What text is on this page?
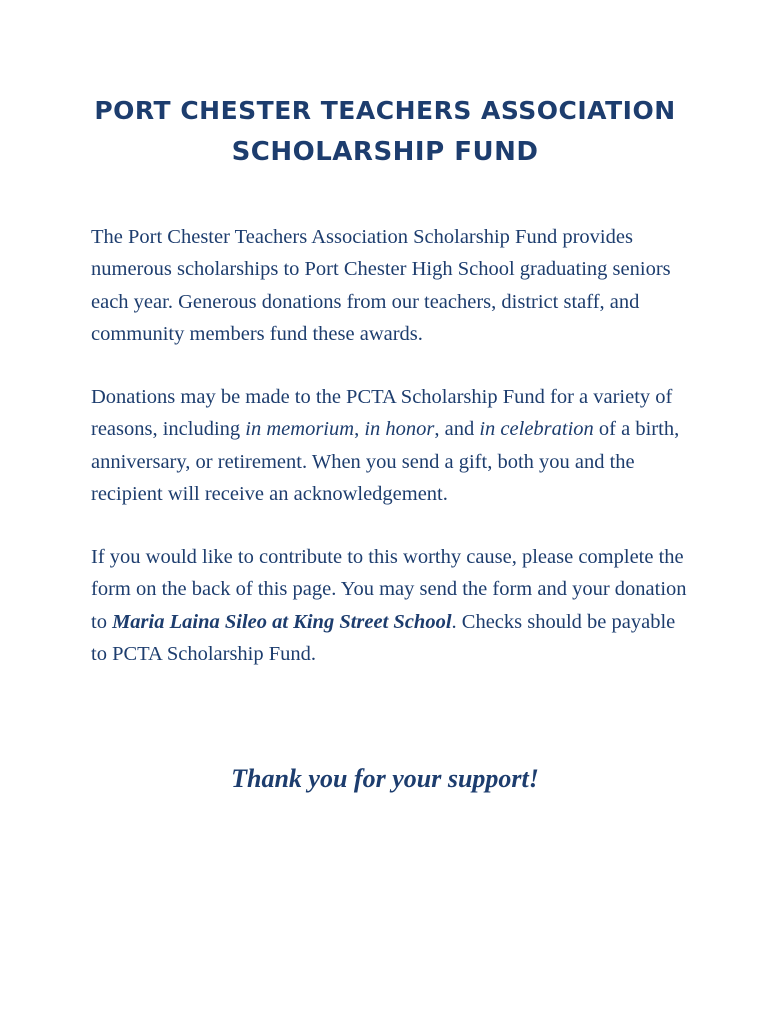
PORT CHESTER TEACHERS ASSOCIATION
SCHOLARSHIP FUND

The Port Chester Teachers Association Scholarship Fund provides numerous scholarships to Port Chester High School graduating seniors each year. Generous donations from our teachers, district staff, and community members fund these awards.

Donations may be made to the PCTA Scholarship Fund for a variety of reasons, including in memorium, in honor, and in celebration of a birth, anniversary, or retirement. When you send a gift, both you and the recipient will receive an acknowledgement.

If you would like to contribute to this worthy cause, please complete the form on the back of this page. You may send the form and your donation to Maria Laina Sileo at King Street School. Checks should be payable to PCTA Scholarship Fund.

Thank you for your support!
